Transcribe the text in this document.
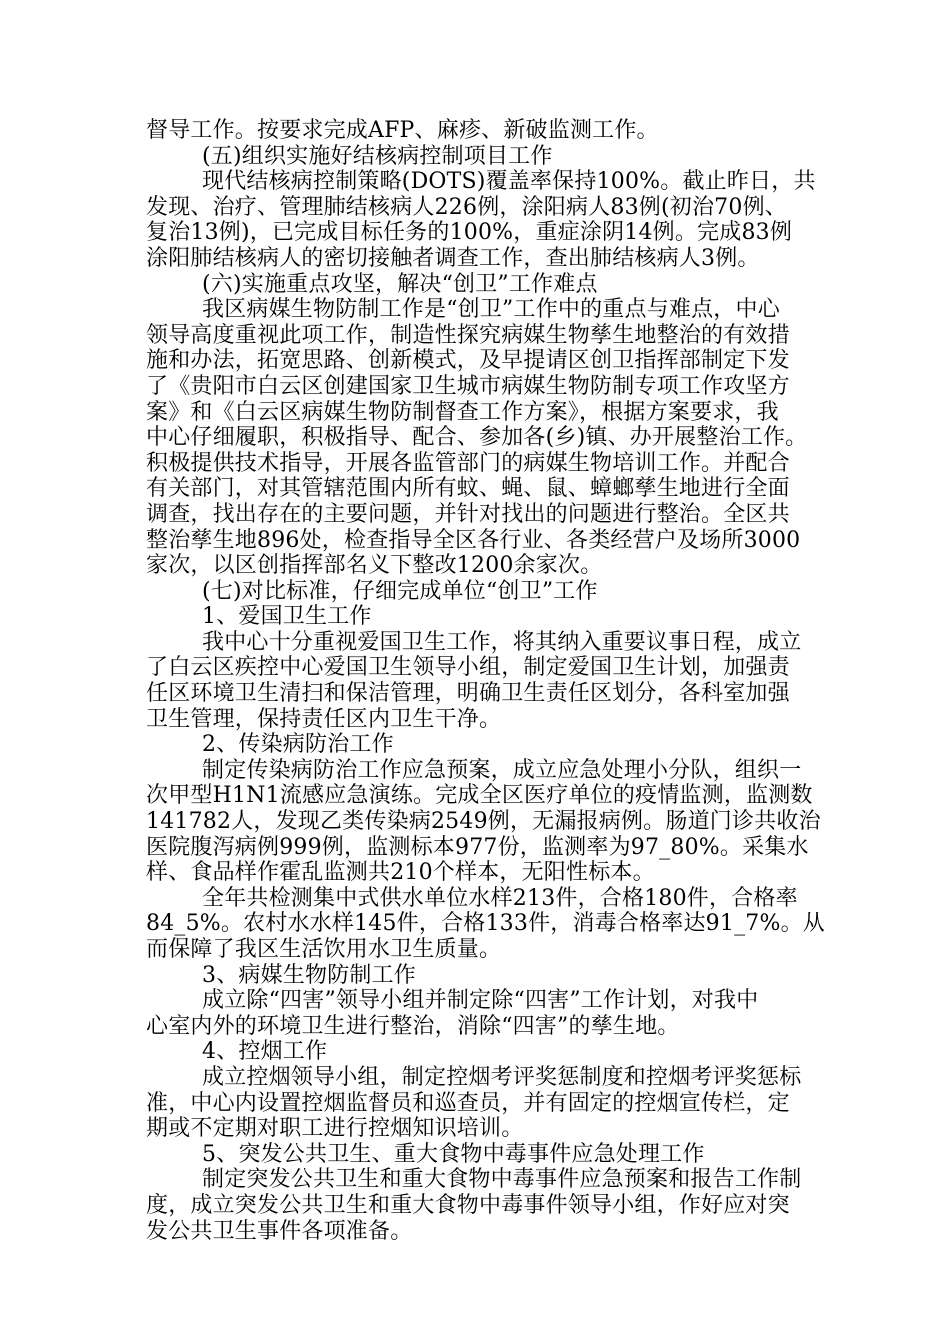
督导工作。按要求完成AFP、麻疹、新破监测工作。
(五)组织实施好结核病控制项目工作
现代结核病控制策略(DOTS)覆盖率保持100%。截止昨日，共
发现、治疗、管理肺结核病人226例，涂阳病人83例(初治70例、
复治13例)，已完成目标任务的100%，重症涂阴14例。完成83例
涂阳肺结核病人的密切接触者调查工作，查出肺结核病人3例。
(六)实施重点攻坚，解决“创卫”工作难点
我区病媒生物防制工作是“创卫”工作中的重点与难点，中心
领导高度重视此项工作，制造性探究病媒生物孳生地整治的有效措
施和办法，拓宽思路、创新模式，及早提请区创卫指挥部制定下发
了《贵阳市白云区创建国家卫生城市病媒生物防制专项工作攻坚方
案》和《白云区病媒生物防制督查工作方案》，根据方案要求，我
中心仔细履职，积极指导、配合、参加各(乡)镇、办开展整治工作。
积极提供技术指导，开展各监管部门的病媒生物培训工作。并配合
有关部门，对其管辖范围内所有蚊、蝇、鼠、蟑螂孳生地进行全面
调查，找出存在的主要问题，并针对找出的问题进行整治。全区共
整治孳生地896处，检查指导全区各行业、各类经营户及场所3000
家次，以区创指挥部名义下整改1200余家次。
(七)对比标准，仔细完成单位“创卫”工作
1、爱国卫生工作
我中心十分重视爱国卫生工作，将其纳入重要议事日程，成立
了白云区疾控中心爱国卫生领导小组，制定爱国卫生计划，加强责
任区环境卫生清扫和保洁管理，明确卫生责任区划分，各科室加强
卫生管理，保持责任区内卫生干净。
2、传染病防治工作
制定传染病防治工作应急预案，成立应急处理小分队，组织一
次甲型H1N1流感应急演练。完成全区医疗单位的疫情监测，监测数
141782人，发现乙类传染病2549例，无漏报病例。肠道门诊共收治
医院腹泻病例999例，监测标本977份，监测率为97_80%。采集水
样、食品样作霍乱监测共210个样本，无阳性标本。
全年共检测集中式供水单位水样213件，合格180件，合格率
84_5%。农村水水样145件，合格133件，消毒合格率达91_7%。从
而保障了我区生活饮用水卫生质量。
3、病媒生物防制工作
成立除“四害”领导小组并制定除“四害”工作计划，对我中
心室内外的环境卫生进行整治，消除“四害”的孳生地。
4、控烟工作
成立控烟领导小组，制定控烟考评奖惩制度和控烟考评奖惩标
准，中心内设置控烟监督员和巡查员，并有固定的控烟宣传栏，定
期或不定期对职工进行控烟知识培训。
5、突发公共卫生、重大食物中毒事件应急处理工作
制定突发公共卫生和重大食物中毒事件应急预案和报告工作制
度，成立突发公共卫生和重大食物中毒事件领导小组，作好应对突
发公共卫生事件各项准备。
